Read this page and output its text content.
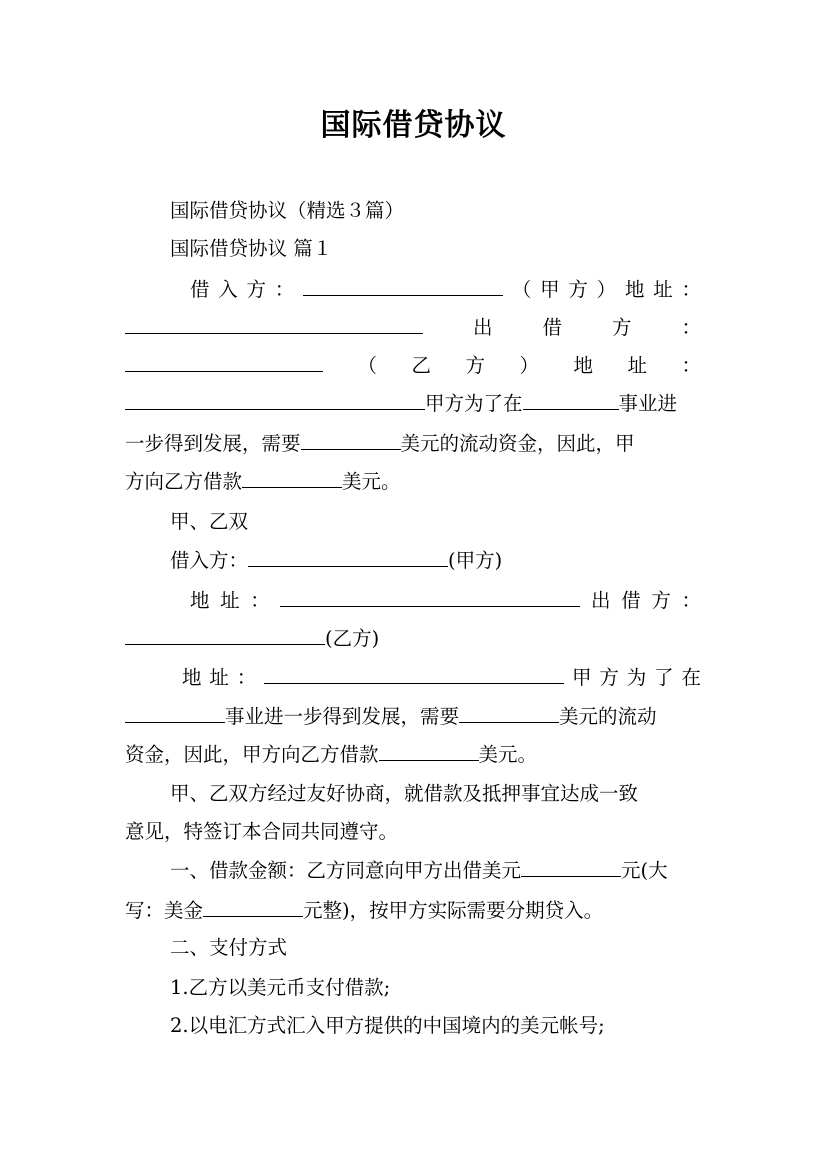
国际借贷协议

国际借贷协议（精选３篇）

国际借贷协议 篇１

借入方：	（甲方）地址：

出借方：

（乙方）地址：

甲方为了在	事业进

一步得到发展，需要	美元的流动资金，因此，甲

方向乙方借款	美元。

甲、乙双

借入方：	(甲方)

地址：	出借方：

(乙方)

地址：	甲方为了在

事业进一步得到发展，需要	美元的流动

资金，因此，甲方向乙方借款	美元。

甲、乙双方经过友好协商，就借款及抵押事宜达成一致

意见，特签订本合同共同遵守。

一、借款金额：乙方同意向甲方出借美元	元(大

写：美金	元整)，按甲方实际需要分期贷入。

二、支付方式

1.乙方以美元币支付借款;

2.以电汇方式汇入甲方提供的中国境内的美元帐号;
